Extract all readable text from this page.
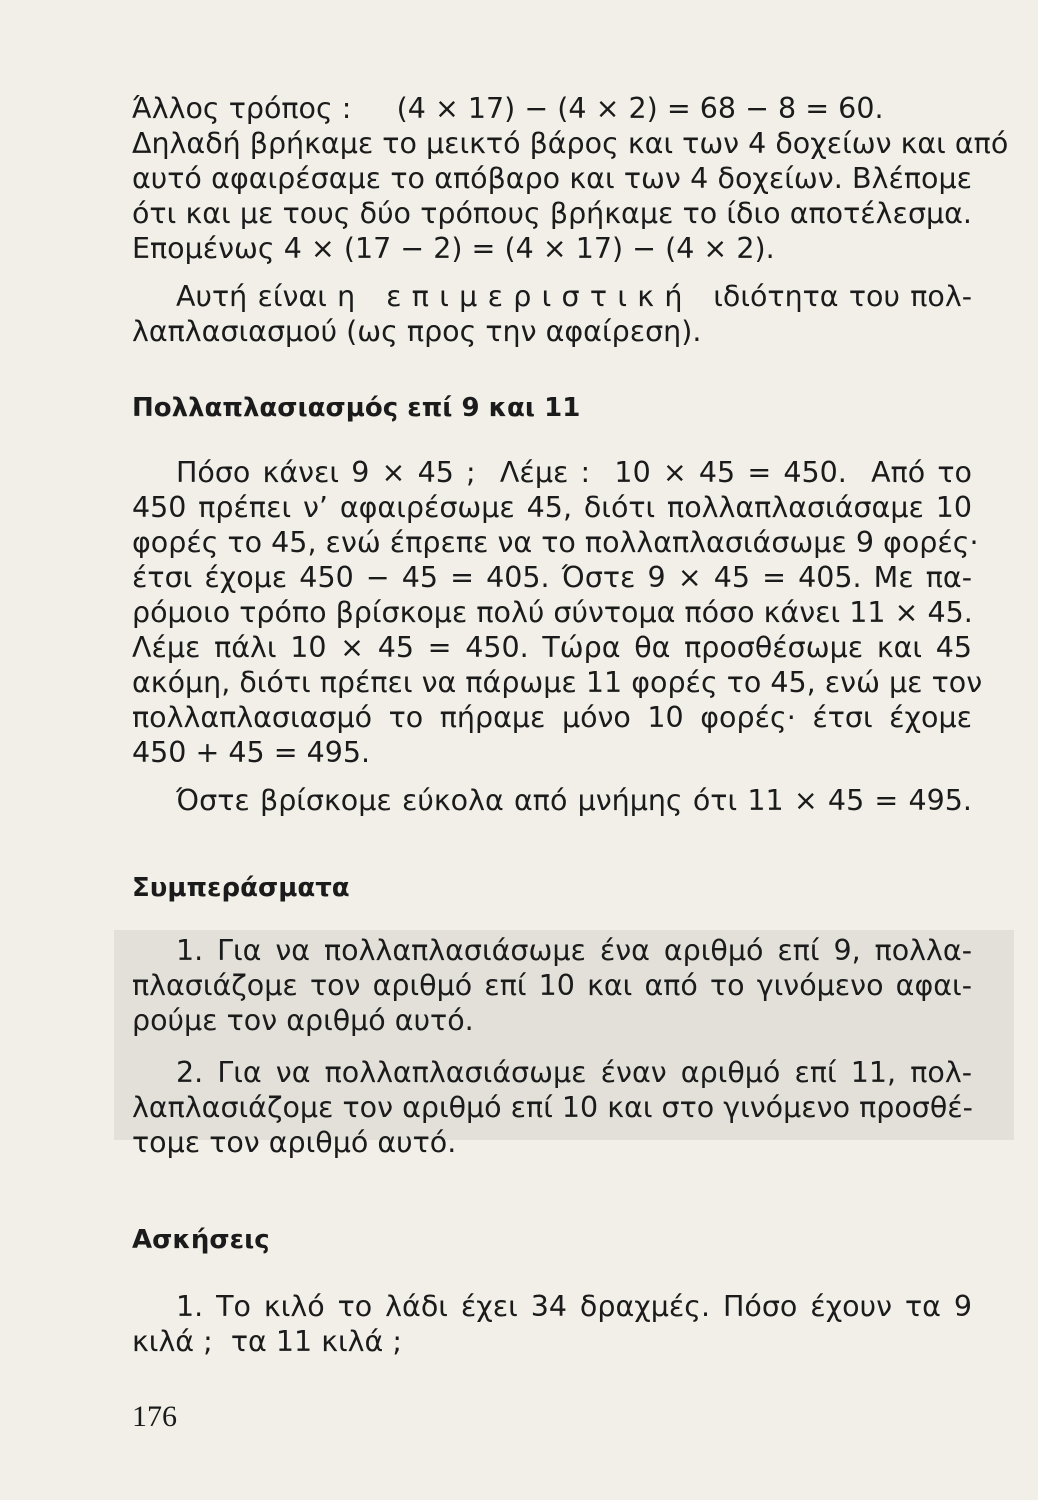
Άλλος τρόπος :     (4 × 17) − (4 × 2) = 68 − 8 = 60.
Δηλαδή βρήκαμε το μεικτό βάρος και των 4 δοχείων και από
αυτό αφαιρέσαμε το απόβαρο και των 4 δοχείων. Βλέπομε
ότι και με τους δύο τρόπους βρήκαμε το ίδιο αποτέλεσμα.
Επομένως 4 × (17 − 2) = (4 × 17) − (4 × 2).
Αυτή είναι η   ε π ι μ ε ρ ι σ τ ι κ ή   ιδιότητα του πολ-
λαπλασιασμού (ως προς την αφαίρεση).
Πολλαπλασιασμός επί 9 και 11
Πόσο κάνει 9 × 45 ;  Λέμε :  10 × 45 = 450.  Από το
450 πρέπει ν’ αφαιρέσωμε 45, διότι πολλαπλασιάσαμε 10
φορές το 45, ενώ έπρεπε να το πολλαπλασιάσωμε 9 φορές·
έτσι έχομε 450 − 45 = 405. Όστε 9 × 45 = 405. Με πα-
ρόμοιο τρόπο βρίσκομε πολύ σύντομα πόσο κάνει 11 × 45.
Λέμε πάλι 10 × 45 = 450. Τώρα θα προσθέσωμε και 45
ακόμη, διότι πρέπει να πάρωμε 11 φορές το 45, ενώ με τον
πολλαπλασιασμό το πήραμε μόνο 10 φορές· έτσι έχομε
450 + 45 = 495.
Όστε βρίσκομε εύκολα από μνήμης ότι 11 × 45 = 495.
Συμπεράσματα
1. Για να πολλαπλασιάσωμε ένα αριθμό επί 9, πολλα-
πλασιάζομε τον αριθμό επί 10 και από το γινόμενο αφαι-
ρούμε τον αριθμό αυτό.
2. Για να πολλαπλασιάσωμε έναν αριθμό επί 11, πολ-
λαπλασιάζομε τον αριθμό επί 10 και στο γινόμενο προσθέ-
τομε τον αριθμό αυτό.
Ασκήσεις
1. Το κιλό το λάδι έχει 34 δραχμές. Πόσο έχουν τα 9
κιλά ;  τα 11 κιλά ;
176
